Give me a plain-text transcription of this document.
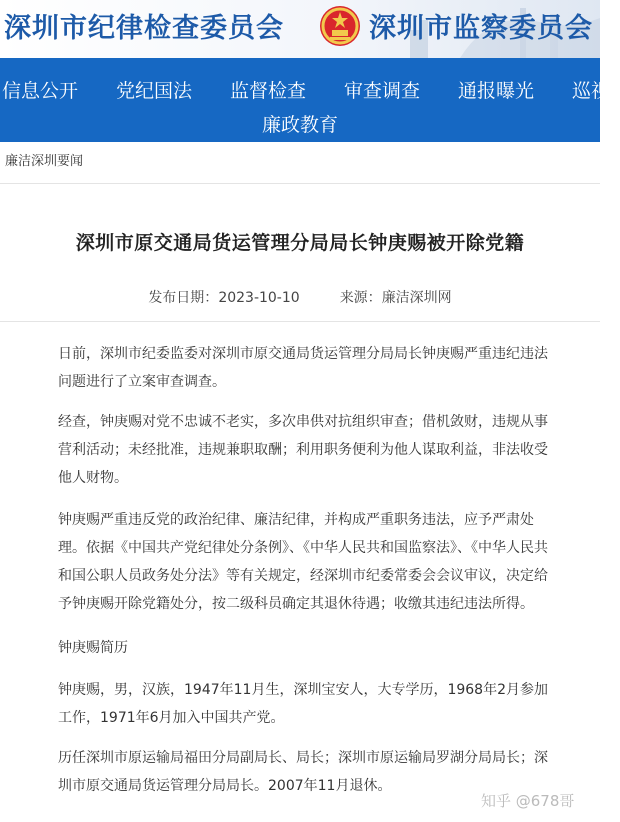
深圳市纪律检查委员会	深圳市监察委员会
信息公开 党纪国法 监督检查 审查调查 通报曝光 巡视
廉政教育
廉洁深圳要闻
深圳市原交通局货运管理分局局长钟庚赐被开除党籍
发布日期：2023-10-10	来源：廉洁深圳网

日前，深圳市纪委监委对深圳市原交通局货运管理分局局长钟庚赐严重违纪违法问题进行了立案审查调查。

经查，钟庚赐对党不忠诚不老实，多次串供对抗组织审查；借机敛财，违规从事营利活动；未经批准，违规兼职取酬；利用职务便利为他人谋取利益，非法收受他人财物。

钟庚赐严重违反党的政治纪律、廉洁纪律，并构成严重职务违法，应予严肃处理。依据《中国共产党纪律处分条例》、《中华人民共和国监察法》、《中华人民共和国公职人员政务处分法》等有关规定，经深圳市纪委常委会会议审议，决定给予钟庚赐开除党籍处分，按二级科员确定其退休待遇；收缴其违纪违法所得。

钟庚赐简历

钟庚赐，男，汉族，1947年11月生，深圳宝安人，大专学历，1968年2月参加工作，1971年6月加入中国共产党。

历任深圳市原运输局福田分局副局长、局长；深圳市原运输局罗湖分局局长；深圳市原交通局货运管理分局局长。2007年11月退休。

知乎 @678哥
